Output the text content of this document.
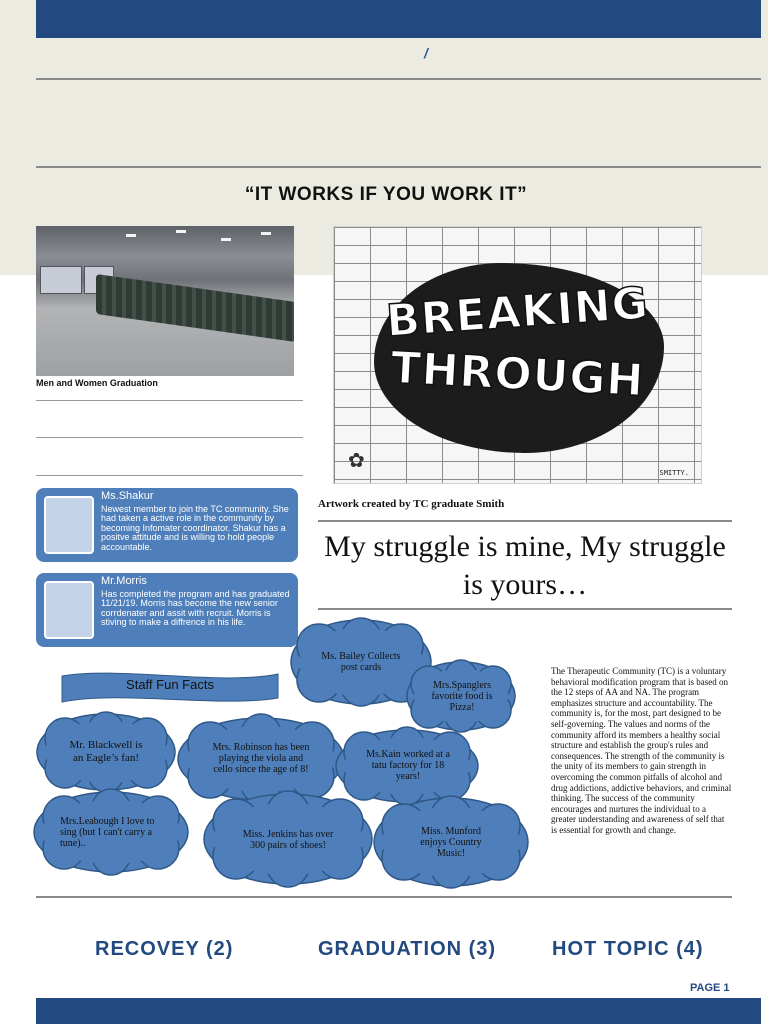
/
“IT WORKS IF YOU WORK IT”
Men and Women Graduation
BREAKING
THROUGH
✿
SMITTY.
Artwork created by TC graduate Smith
My struggle is mine, My struggle is yours…
Ms.Shakur
Newest member to join the TC community. She had taken a active role in the community by becoming Infomater coordinator. Shakur has a positve attitude and is willing to hold people accountable.
Mr.Morris
Has completed the program and has graduated 11/21/19. Morris has become the new senior corrdenater and assit with recruit. Morris is stiving to make a diffrence in his life.
Staff Fun Facts
Ms. Bailey Collects post cards
Mrs.Spanglers favorite food is Pizza!
Mr. Blackwell is an Eagle’s fan!
Mrs. Robinson has been playing the viola and cello since the age of 8!
Ms.Kain worked at a tatu factory for 18 years!
Mrs.Leabough I love to sing (but I can't carry a tune)..
Miss. Jenkins has over 300 pairs of shoes!
Miss. Munford enjoys Country Music!
The Therapeutic Community (TC) is a voluntary behavioral modification program that is based on the 12 steps of AA and NA. The program emphasizes structure and accountability. The community is, for the most, part designed to be self-governing. The values and norms of the community afford its members a healthy social structure and establish the group's rules and consequences. The strength of the community is the unity of its members to gain strength in overcoming the common pitfalls of alcohol and drug addictions, addictive behaviors, and criminal thinking. The success of the community encourages and nurtures the individual to a greater understanding and awareness of self that is essential for growth and change.
RECOVEY (2)	GRADUATION (3)	HOT TOPIC (4)
PAGE 1
